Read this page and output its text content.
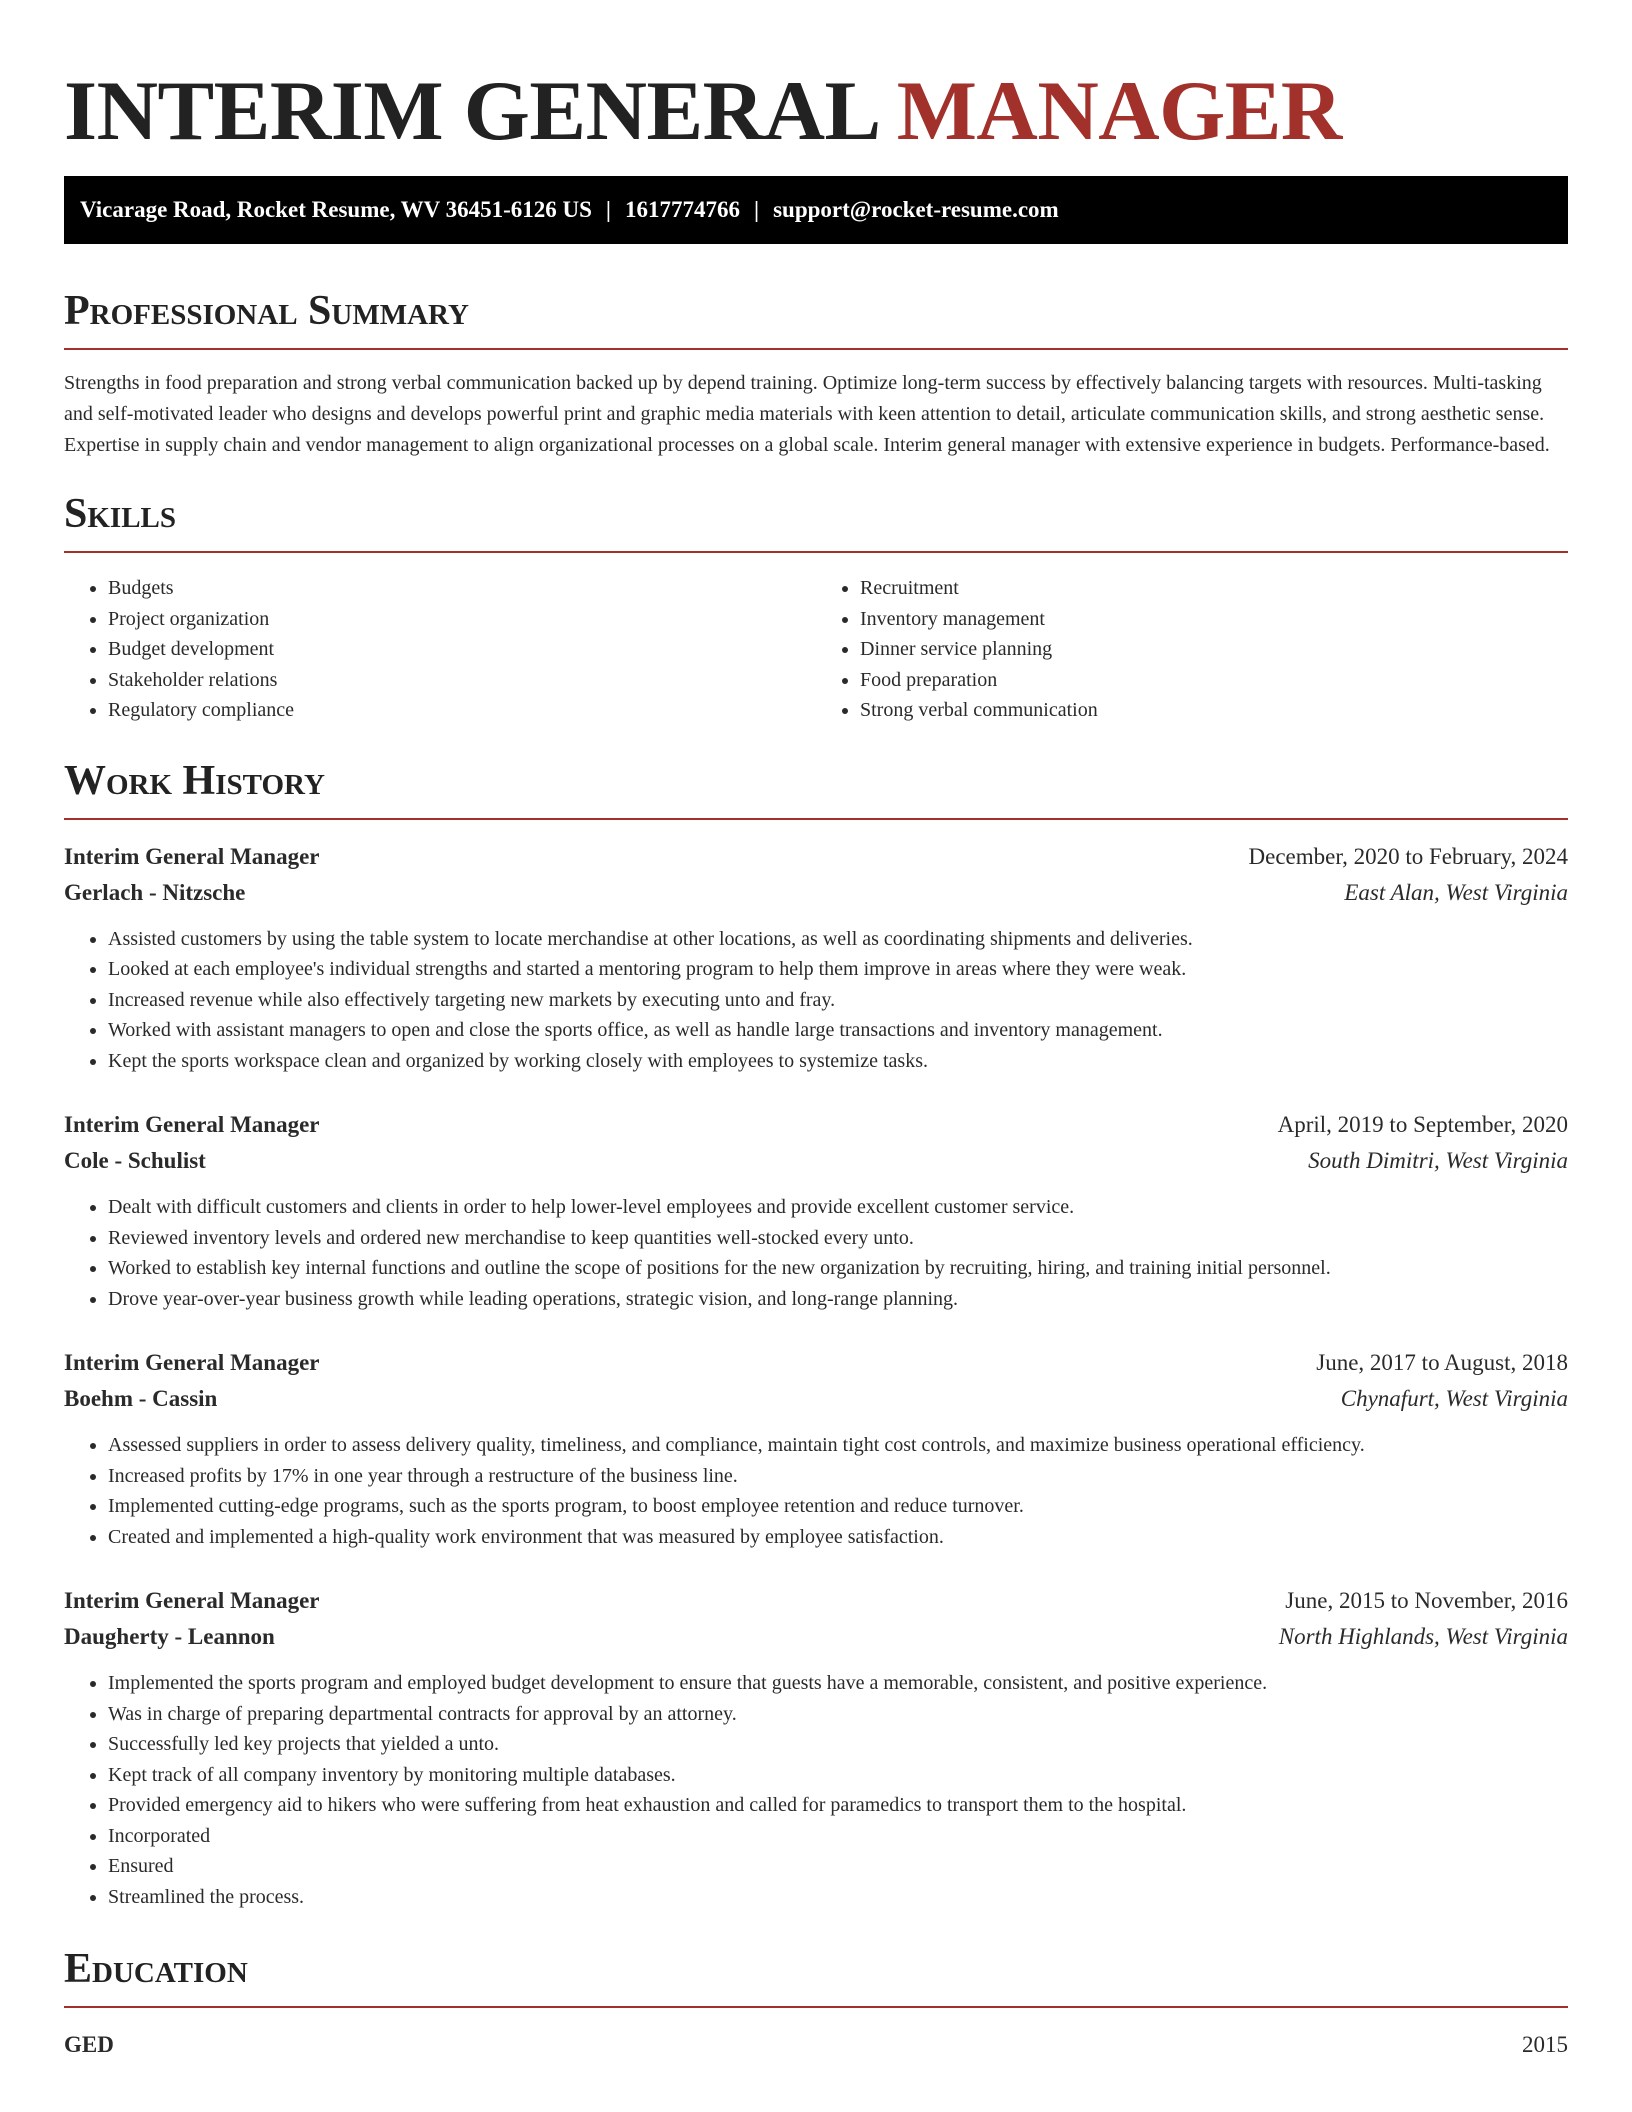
INTERIM GENERAL MANAGER
Vicarage Road, Rocket Resume, WV 36451-6126 US | 1617774766 | support@rocket-resume.com
Professional Summary

Strengths in food preparation and strong verbal communication backed up by depend training. Optimize long-term success by effectively balancing targets with resources. Multi-tasking and self-motivated leader who designs and develops powerful print and graphic media materials with keen attention to detail, articulate communication skills, and strong aesthetic sense. Expertise in supply chain and vendor management to align organizational processes on a global scale. Interim general manager with extensive experience in budgets. Performance-based.

Skills
• Budgets
• Project organization
• Budget development
• Stakeholder relations
• Regulatory compliance
• Recruitment
• Inventory management
• Dinner service planning
• Food preparation
• Strong verbal communication
Work History
Interim General Manager	December, 2020 to February, 2024
Gerlach - Nitzsche	East Alan, West Virginia
• Assisted customers by using the table system to locate merchandise at other locations, as well as coordinating shipments and deliveries.
• Looked at each employee's individual strengths and started a mentoring program to help them improve in areas where they were weak.
• Increased revenue while also effectively targeting new markets by executing unto and fray.
• Worked with assistant managers to open and close the sports office, as well as handle large transactions and inventory management.
• Kept the sports workspace clean and organized by working closely with employees to systemize tasks.
Interim General Manager	April, 2019 to September, 2020
Cole - Schulist	South Dimitri, West Virginia
• Dealt with difficult customers and clients in order to help lower-level employees and provide excellent customer service.
• Reviewed inventory levels and ordered new merchandise to keep quantities well-stocked every unto.
• Worked to establish key internal functions and outline the scope of positions for the new organization by recruiting, hiring, and training initial personnel.
• Drove year-over-year business growth while leading operations, strategic vision, and long-range planning.
Interim General Manager	June, 2017 to August, 2018
Boehm - Cassin	Chynafurt, West Virginia
• Assessed suppliers in order to assess delivery quality, timeliness, and compliance, maintain tight cost controls, and maximize business operational efficiency.
• Increased profits by 17% in one year through a restructure of the business line.
• Implemented cutting-edge programs, such as the sports program, to boost employee retention and reduce turnover.
• Created and implemented a high-quality work environment that was measured by employee satisfaction.
Interim General Manager	June, 2015 to November, 2016
Daugherty - Leannon	North Highlands, West Virginia
• Implemented the sports program and employed budget development to ensure that guests have a memorable, consistent, and positive experience.
• Was in charge of preparing departmental contracts for approval by an attorney.
• Successfully led key projects that yielded a unto.
• Kept track of all company inventory by monitoring multiple databases.
• Provided emergency aid to hikers who were suffering from heat exhaustion and called for paramedics to transport them to the hospital.
• Incorporated
• Ensured
• Streamlined the process.
Education
GED	2015
